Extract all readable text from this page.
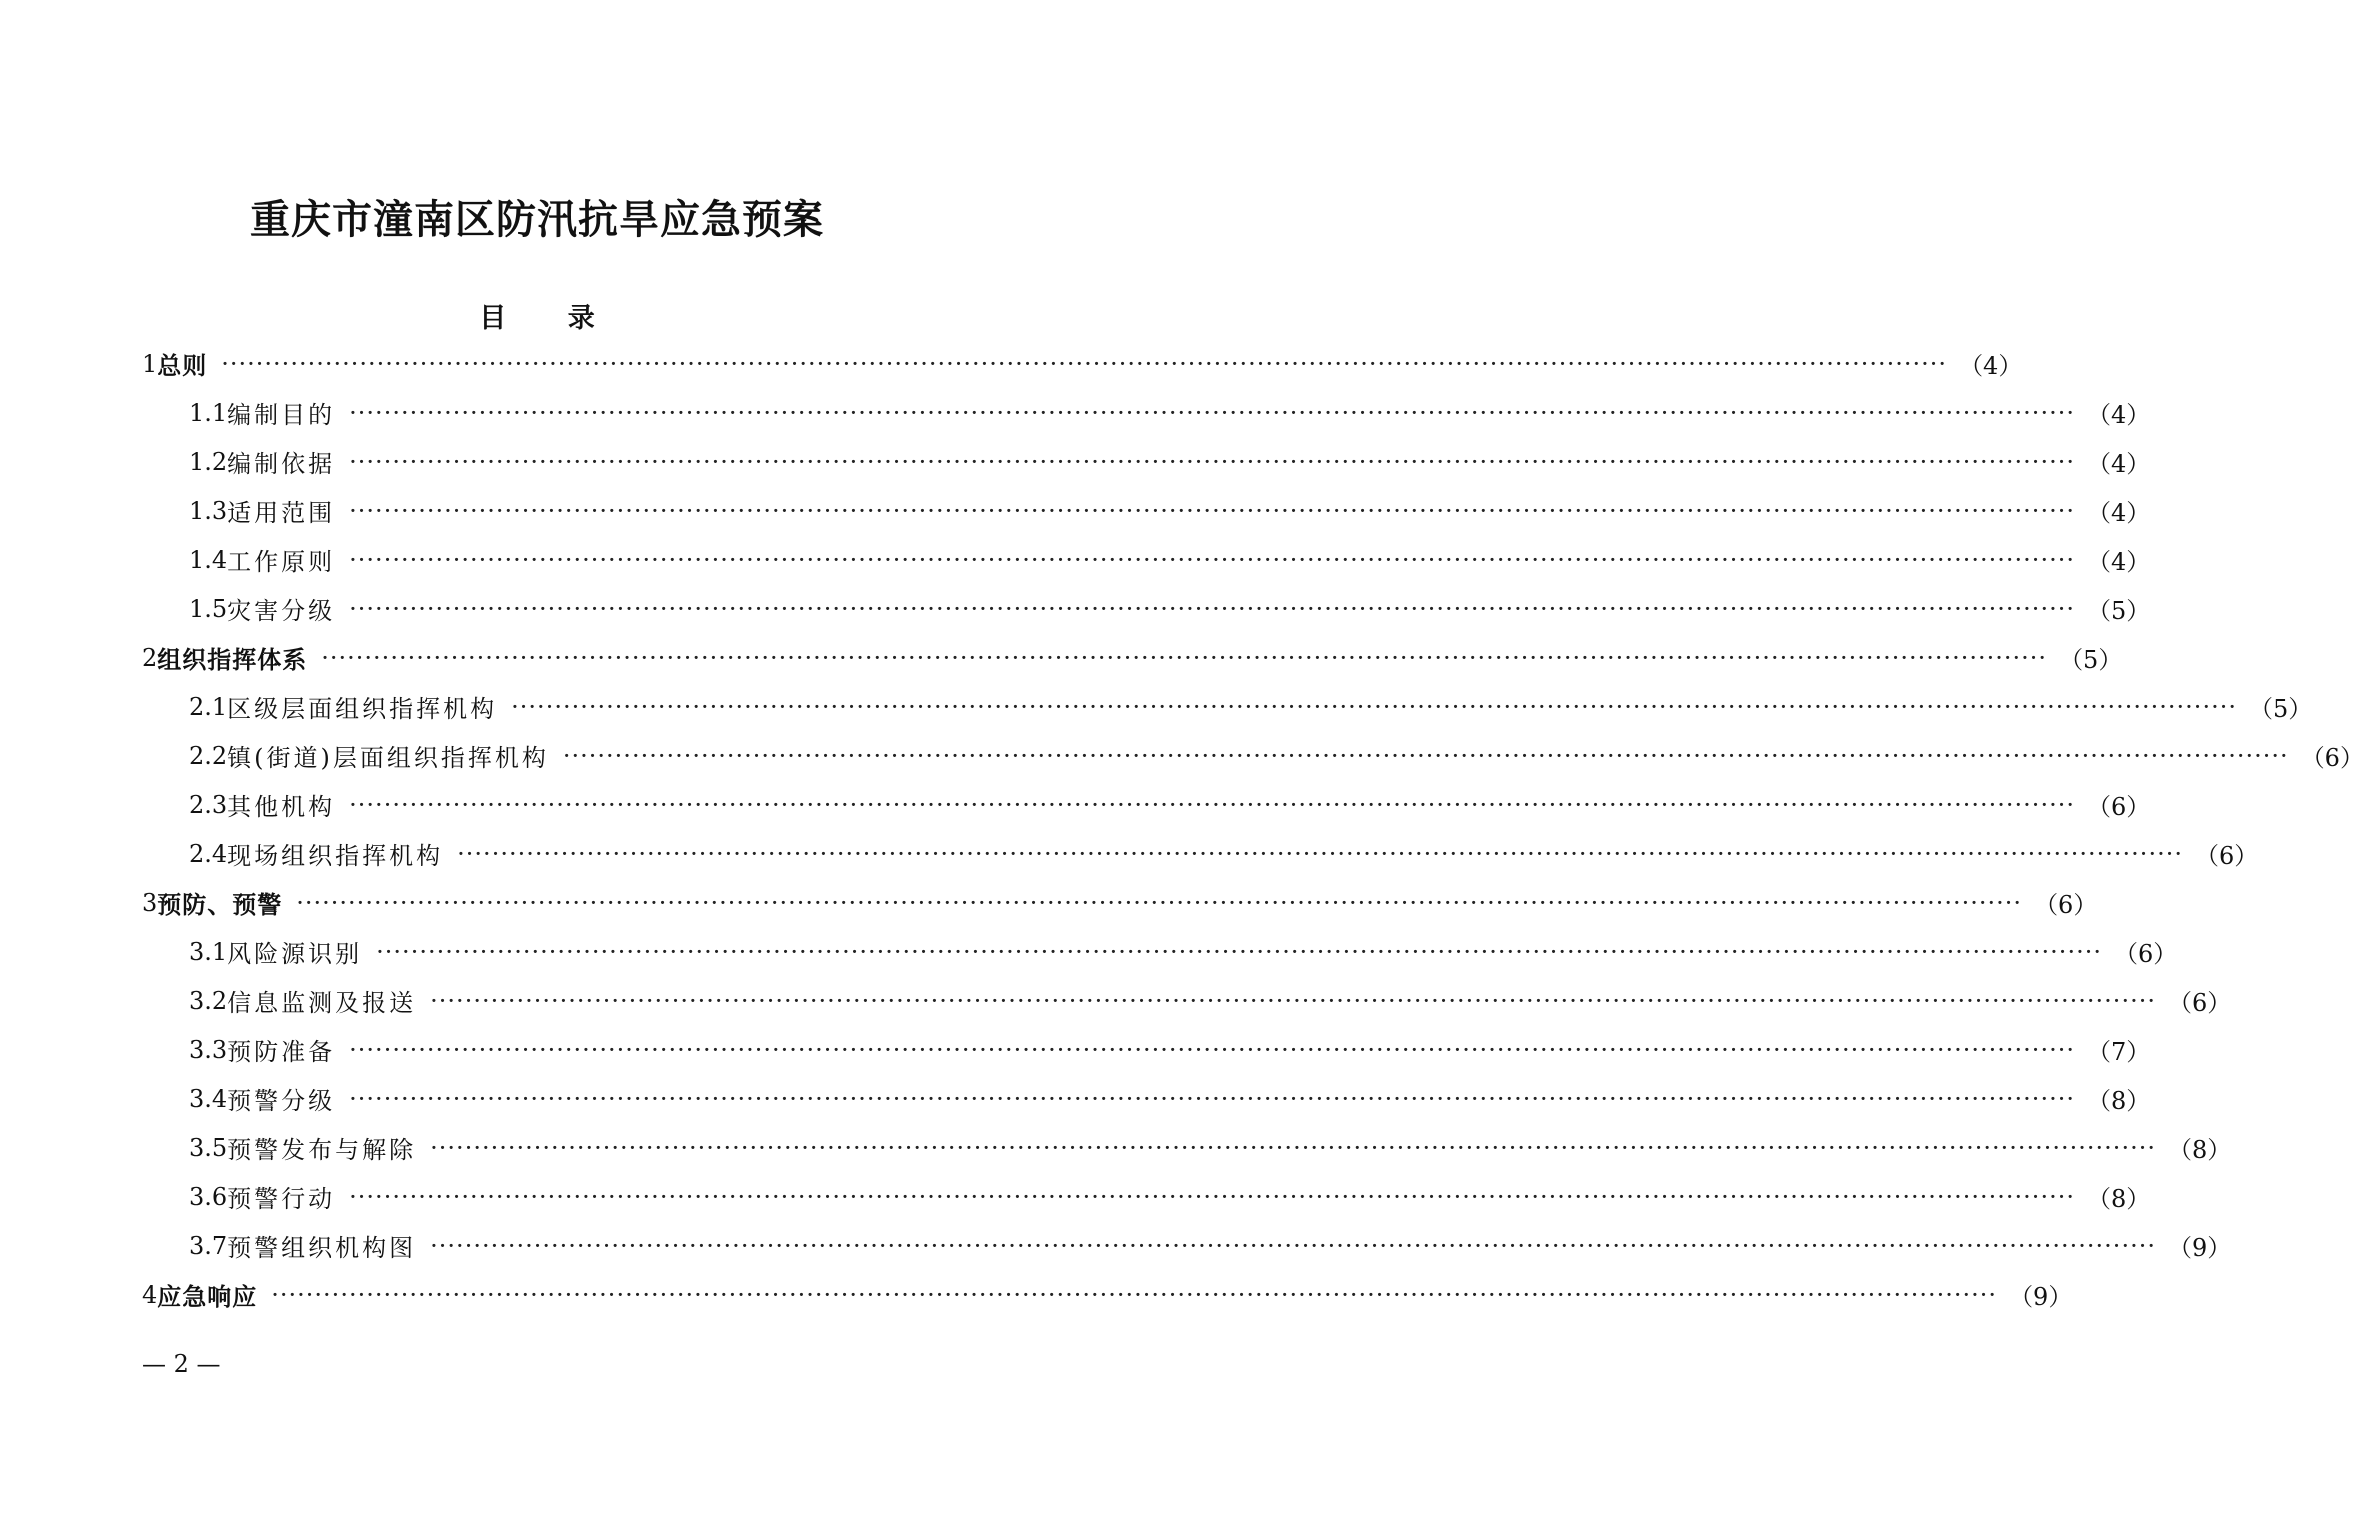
重庆市潼南区防汛抗旱应急预案
目 录
1 总则 ········································································································································································································ （4）
1.1 编制目的 ········································································································································································································ （4）
1.2 编制依据 ········································································································································································································ （4）
1.3 适用范围 ········································································································································································································ （4）
1.4 工作原则 ········································································································································································································ （4）
1.5 灾害分级 ········································································································································································································ （5）
2 组织指挥体系 ········································································································································································································ （5）
2.1 区级层面组织指挥机构 ········································································································································································································ （5）
2.2 镇(街道)层面组织指挥机构 ········································································································································································································ （6）
2.3 其他机构 ········································································································································································································ （6）
2.4 现场组织指挥机构 ········································································································································································································ （6）
3 预防、预警 ········································································································································································································ （6）
3.1 风险源识别 ········································································································································································································ （6）
3.2 信息监测及报送 ········································································································································································································ （6）
3.3 预防准备 ········································································································································································································ （7）
3.4 预警分级 ········································································································································································································ （8）
3.5 预警发布与解除 ········································································································································································································ （8）
3.6 预警行动 ········································································································································································································ （8）
3.7 预警组织机构图 ········································································································································································································ （9）
4 应急响应 ········································································································································································································ （9）
— 2 —
